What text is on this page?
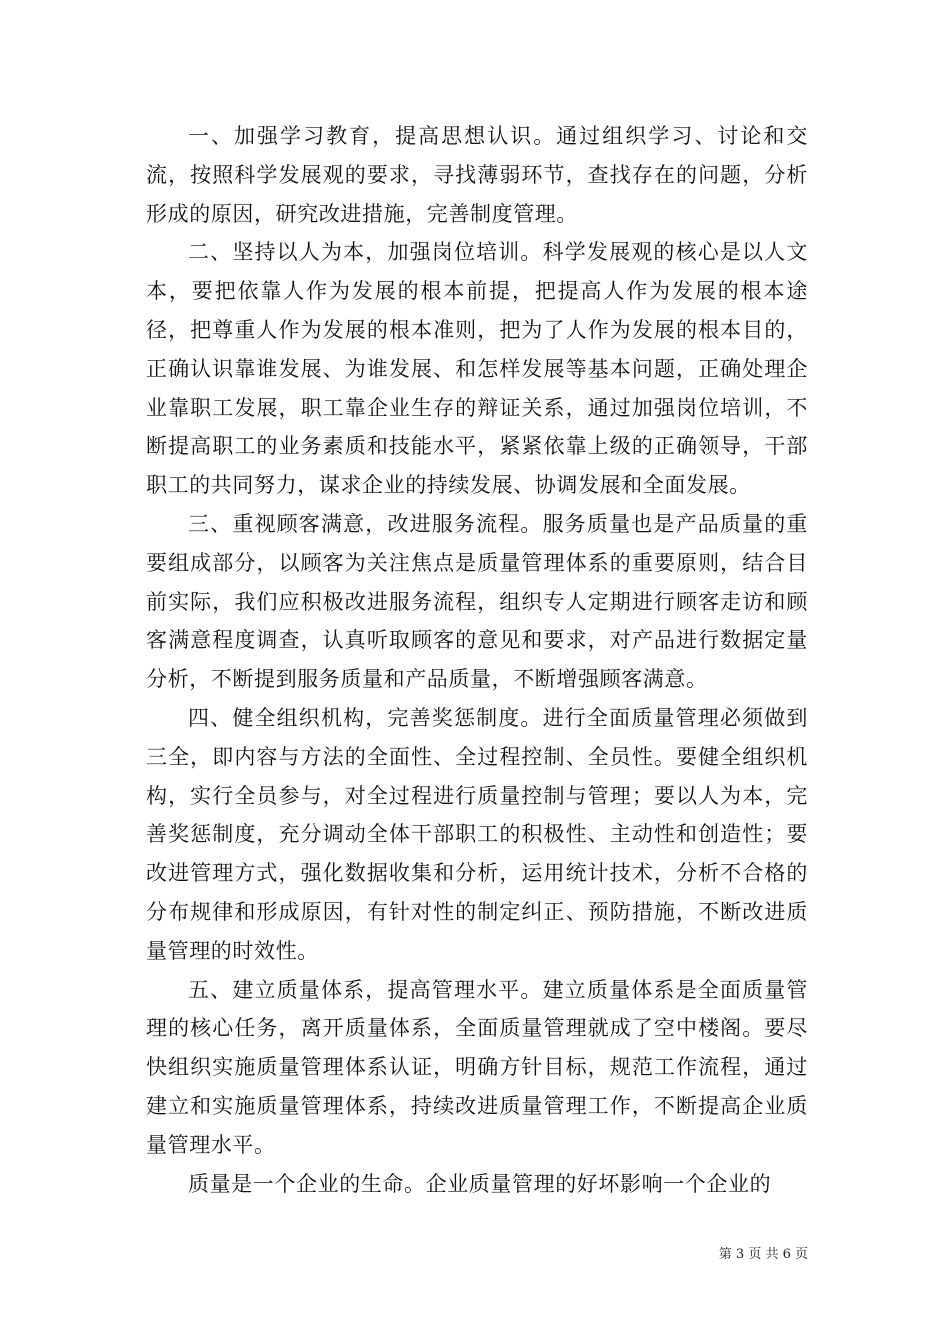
一、加强学习教育，提高思想认识。通过组织学习、讨论和交流，按照科学发展观的要求，寻找薄弱环节，查找存在的问题，分析形成的原因，研究改进措施，完善制度管理。

二、坚持以人为本，加强岗位培训。科学发展观的核心是以人文本，要把依靠人作为发展的根本前提，把提高人作为发展的根本途径，把尊重人作为发展的根本准则，把为了人作为发展的根本目的，正确认识靠谁发展、为谁发展、和怎样发展等基本问题，正确处理企业靠职工发展，职工靠企业生存的辩证关系，通过加强岗位培训，不断提高职工的业务素质和技能水平，紧紧依靠上级的正确领导，干部职工的共同努力，谋求企业的持续发展、协调发展和全面发展。

三、重视顾客满意，改进服务流程。服务质量也是产品质量的重要组成部分，以顾客为关注焦点是质量管理体系的重要原则，结合目前实际，我们应积极改进服务流程，组织专人定期进行顾客走访和顾客满意程度调查，认真听取顾客的意见和要求，对产品进行数据定量分析，不断提到服务质量和产品质量，不断增强顾客满意。

四、健全组织机构，完善奖惩制度。进行全面质量管理必须做到三全，即内容与方法的全面性、全过程控制、全员性。要健全组织机构，实行全员参与，对全过程进行质量控制与管理；要以人为本，完善奖惩制度，充分调动全体干部职工的积极性、主动性和创造性；要改进管理方式，强化数据收集和分析，运用统计技术，分析不合格的分布规律和形成原因，有针对性的制定纠正、预防措施，不断改进质量管理的时效性。

五、建立质量体系，提高管理水平。建立质量体系是全面质量管理的核心任务，离开质量体系，全面质量管理就成了空中楼阁。要尽快组织实施质量管理体系认证，明确方针目标，规范工作流程，通过建立和实施质量管理体系，持续改进质量管理工作，不断提高企业质量管理水平。

质量是一个企业的生命。企业质量管理的好坏影响一个企业的

第 3 页 共 6 页
